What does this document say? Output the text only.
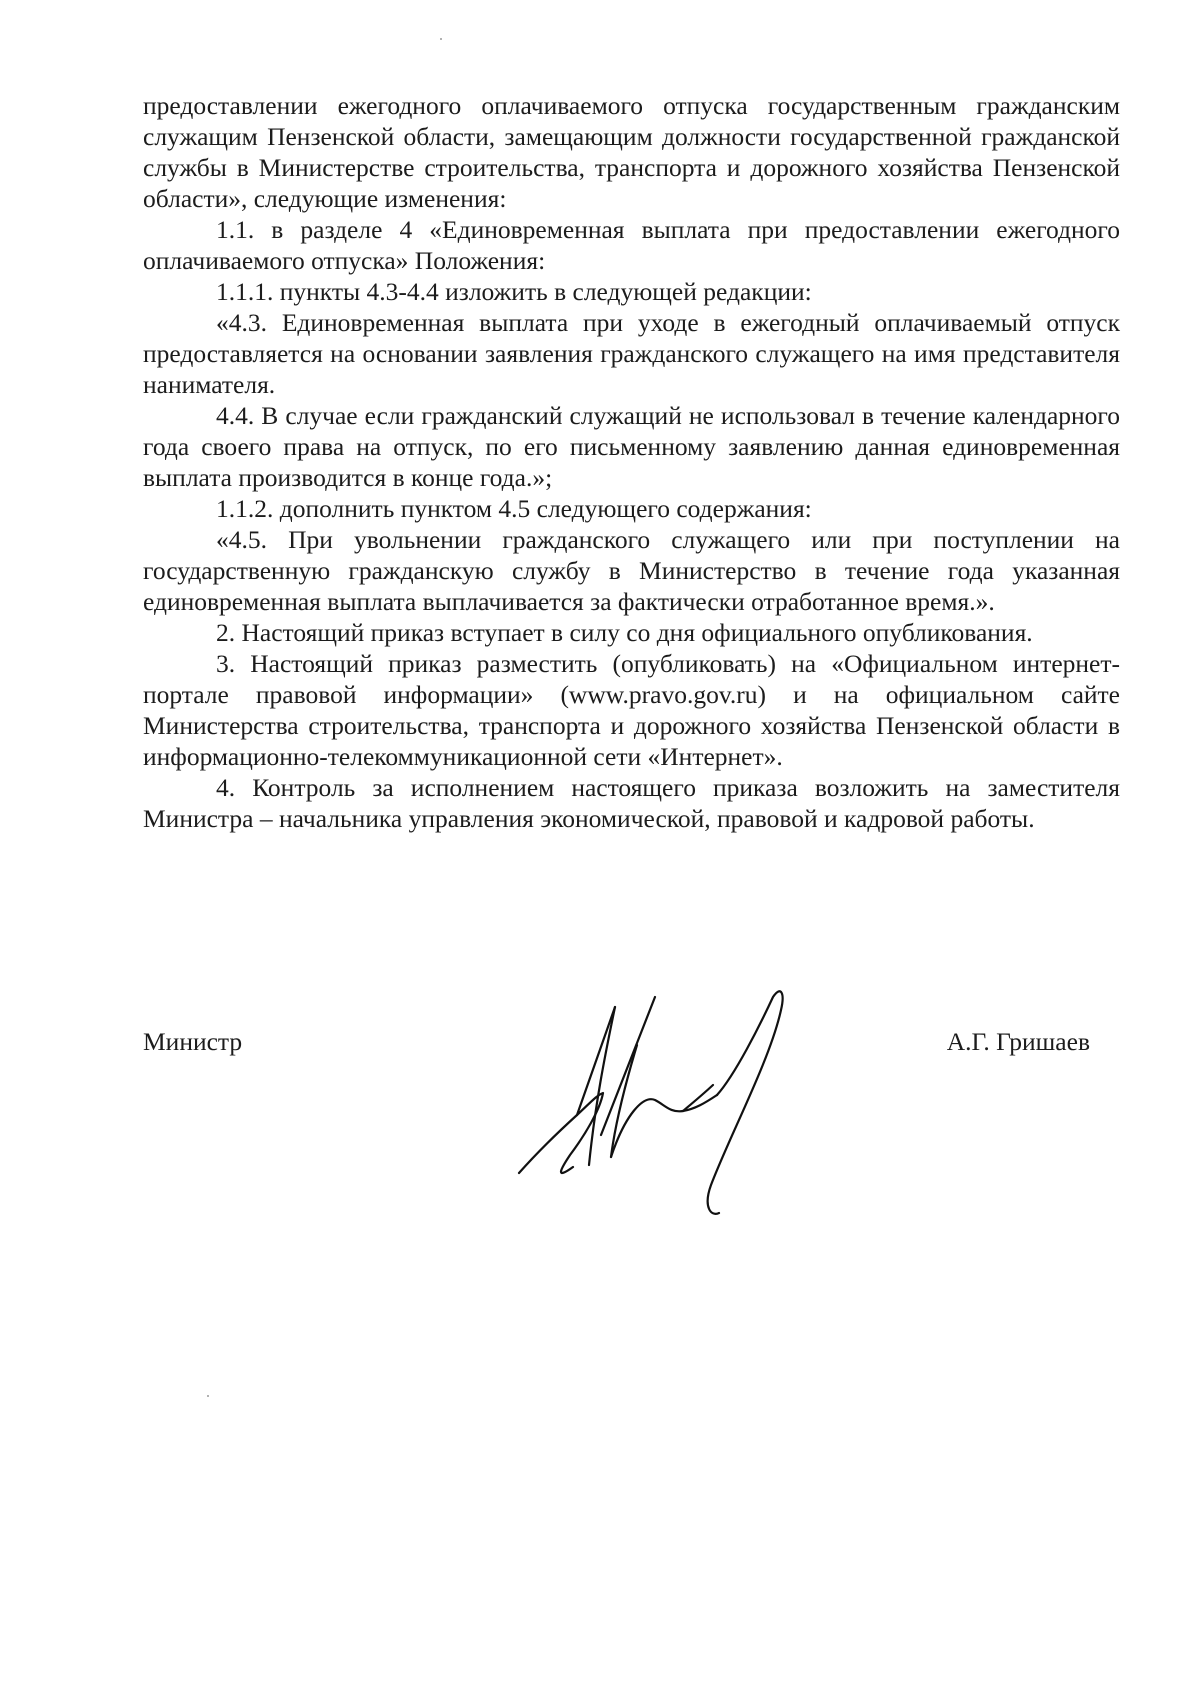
предоставлении ежегодного оплачиваемого отпуска государственным гражданским служащим Пензенской области, замещающим должности государственной гражданской службы в Министерстве строительства, транспорта и дорожного хозяйства Пензенской области», следующие изменения:

1.1. в разделе 4 «Единовременная выплата при предоставлении ежегодного оплачиваемого отпуска» Положения:

1.1.1. пункты 4.3-4.4 изложить в следующей редакции:

«4.3. Единовременная выплата при уходе в ежегодный оплачиваемый отпуск предоставляется на основании заявления гражданского служащего на имя представителя нанимателя.

4.4. В случае если гражданский служащий не использовал в течение календарного года своего права на отпуск, по его письменному заявлению данная единовременная выплата производится в конце года.»;

1.1.2. дополнить пунктом 4.5 следующего содержания:

«4.5. При увольнении гражданского служащего или при поступлении на государственную гражданскую службу в Министерство в течение года указанная единовременная выплата выплачивается за фактически отработанное время.».

2. Настоящий приказ вступает в силу со дня официального опубликования.

3. Настоящий приказ разместить (опубликовать) на «Официальном интернет-портале правовой информации» (www.pravo.gov.ru) и на официальном сайте Министерства строительства, транспорта и дорожного хозяйства Пензенской области в информационно-телекоммуникационной сети «Интернет».

4. Контроль за исполнением настоящего приказа возложить на заместителя Министра – начальника управления экономической, правовой и кадровой работы.

Министр	А.Г. Гришаев
